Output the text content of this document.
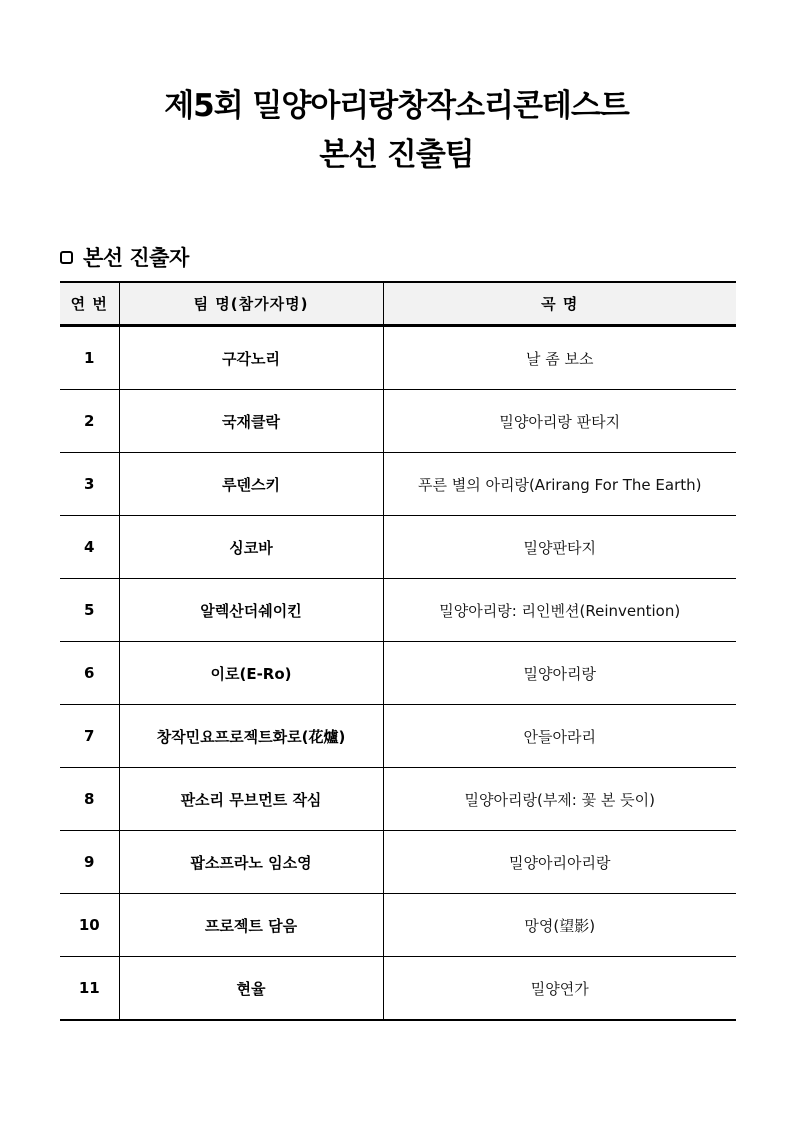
제5회 밀양아리랑창작소리콘테스트
본선 진출팀
본선 진출자
연 번	팀 명(참가자명)	곡 명
1	구각노리	날 좀 보소
2	국재클락	밀양아리랑 판타지
3	루덴스키	푸른 별의 아리랑(Arirang For The Earth)
4	싱코바	밀양판타지
5	알렉산더쉐이킨	밀양아리랑: 리인벤션(Reinvention)
6	이로(E-Ro)	밀양아리랑
7	창작민요프로젝트화로(花爐)	안들아라리
8	판소리 무브먼트 작심	밀양아리랑(부제: 꽃 본 듯이)
9	팝소프라노 임소영	밀양아리아리랑
10	프로젝트 담음	망영(望影)
11	현율	밀양연가
